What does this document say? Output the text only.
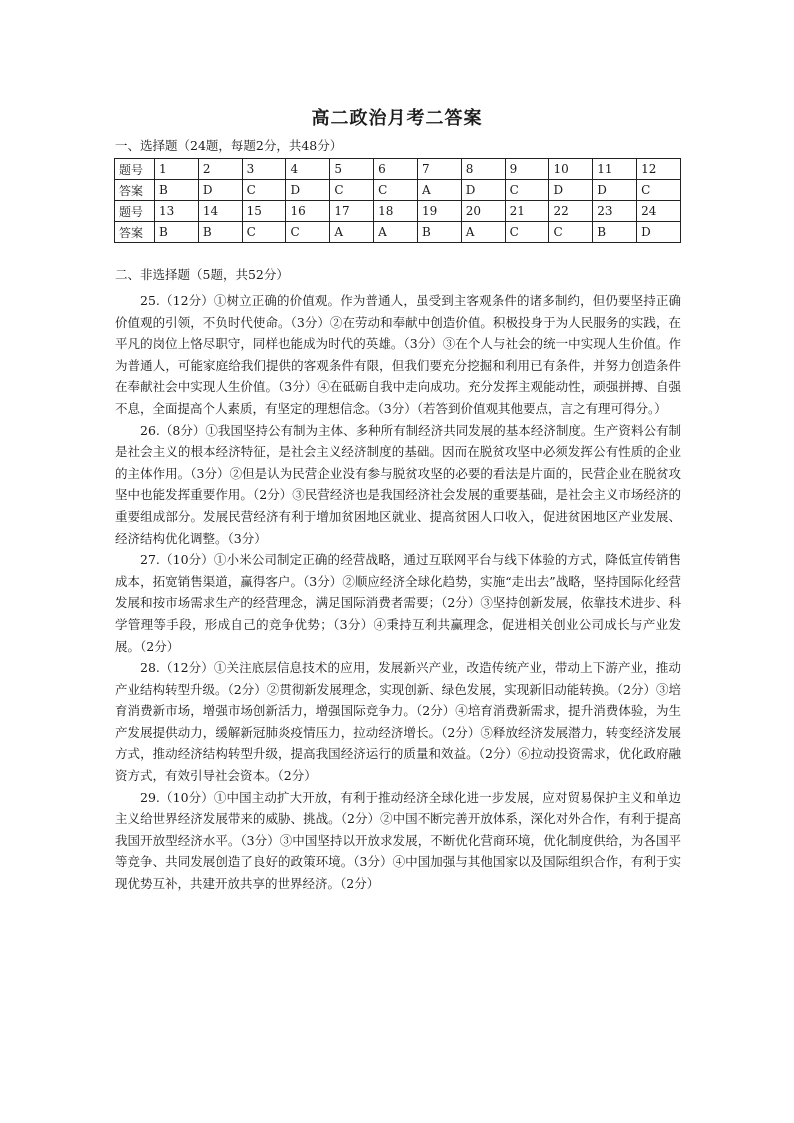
高二政治月考二答案
一、选择题（24题，每题2分，共48分）
题号	1	2	3	4	5	6	7	8	9	10	11	12
答案	B	D	C	D	C	C	A	D	C	D	D	C
题号	13	14	15	16	17	18	19	20	21	22	23	24
答案	B	B	C	C	A	A	B	A	C	C	B	D
二、非选择题（5题，共52分）

25.（12分）①树立正确的价值观。作为普通人，虽受到主客观条件的诸多制约，但仍要坚持正确价值观的引领，不负时代使命。（3分）②在劳动和奉献中创造价值。积极投身于为人民服务的实践，在平凡的岗位上恪尽职守，同样也能成为时代的英雄。（3分）③在个人与社会的统一中实现人生价值。作为普通人，可能家庭给我们提供的客观条件有限，但我们要充分挖掘和利用已有条件，并努力创造条件在奉献社会中实现人生价值。（3分）④在砥砺自我中走向成功。充分发挥主观能动性，顽强拼搏、自强不息，全面提高个人素质，有坚定的理想信念。（3分）（若答到价值观其他要点，言之有理可得分。）

26.（8分）①我国坚持公有制为主体、多种所有制经济共同发展的基本经济制度。生产资料公有制是社会主义的根本经济特征，是社会主义经济制度的基础。因而在脱贫攻坚中必须发挥公有性质的企业的主体作用。（3分）②但是认为民营企业没有参与脱贫攻坚的必要的看法是片面的，民营企业在脱贫攻坚中也能发挥重要作用。（2分）③民营经济也是我国经济社会发展的重要基础，是社会主义市场经济的重要组成部分。发展民营经济有利于增加贫困地区就业、提高贫困人口收入，促进贫困地区产业发展、经济结构优化调整。（3分）

27.（10分）①小米公司制定正确的经营战略，通过互联网平台与线下体验的方式，降低宣传销售成本，拓宽销售渠道，赢得客户。（3分）②顺应经济全球化趋势，实施“走出去”战略，坚持国际化经营发展和按市场需求生产的经营理念，满足国际消费者需要；（2分）③坚持创新发展，依靠技术进步、科学管理等手段，形成自己的竞争优势；（3分）④秉持互利共赢理念，促进相关创业公司成长与产业发展。（2分）

28.（12分）①关注底层信息技术的应用，发展新兴产业，改造传统产业，带动上下游产业，推动产业结构转型升级。（2分）②贯彻新发展理念，实现创新、绿色发展，实现新旧动能转换。（2分）③培育消费新市场，增强市场创新活力，增强国际竞争力。（2分）④培育消费新需求，提升消费体验，为生产发展提供动力，缓解新冠肺炎疫情压力，拉动经济增长。（2分）⑤释放经济发展潜力，转变经济发展方式，推动经济结构转型升级，提高我国经济运行的质量和效益。（2分）⑥拉动投资需求，优化政府融资方式，有效引导社会资本。（2分）

29.（10分）①中国主动扩大开放，有利于推动经济全球化进一步发展，应对贸易保护主义和单边主义给世界经济发展带来的威胁、挑战。（2分）②中国不断完善开放体系，深化对外合作，有利于提高我国开放型经济水平。（3分）③中国坚持以开放求发展，不断优化营商环境，优化制度供给，为各国平等竞争、共同发展创造了良好的政策环境。（3分）④中国加强与其他国家以及国际组织合作，有利于实现优势互补，共建开放共享的世界经济。（2分）
